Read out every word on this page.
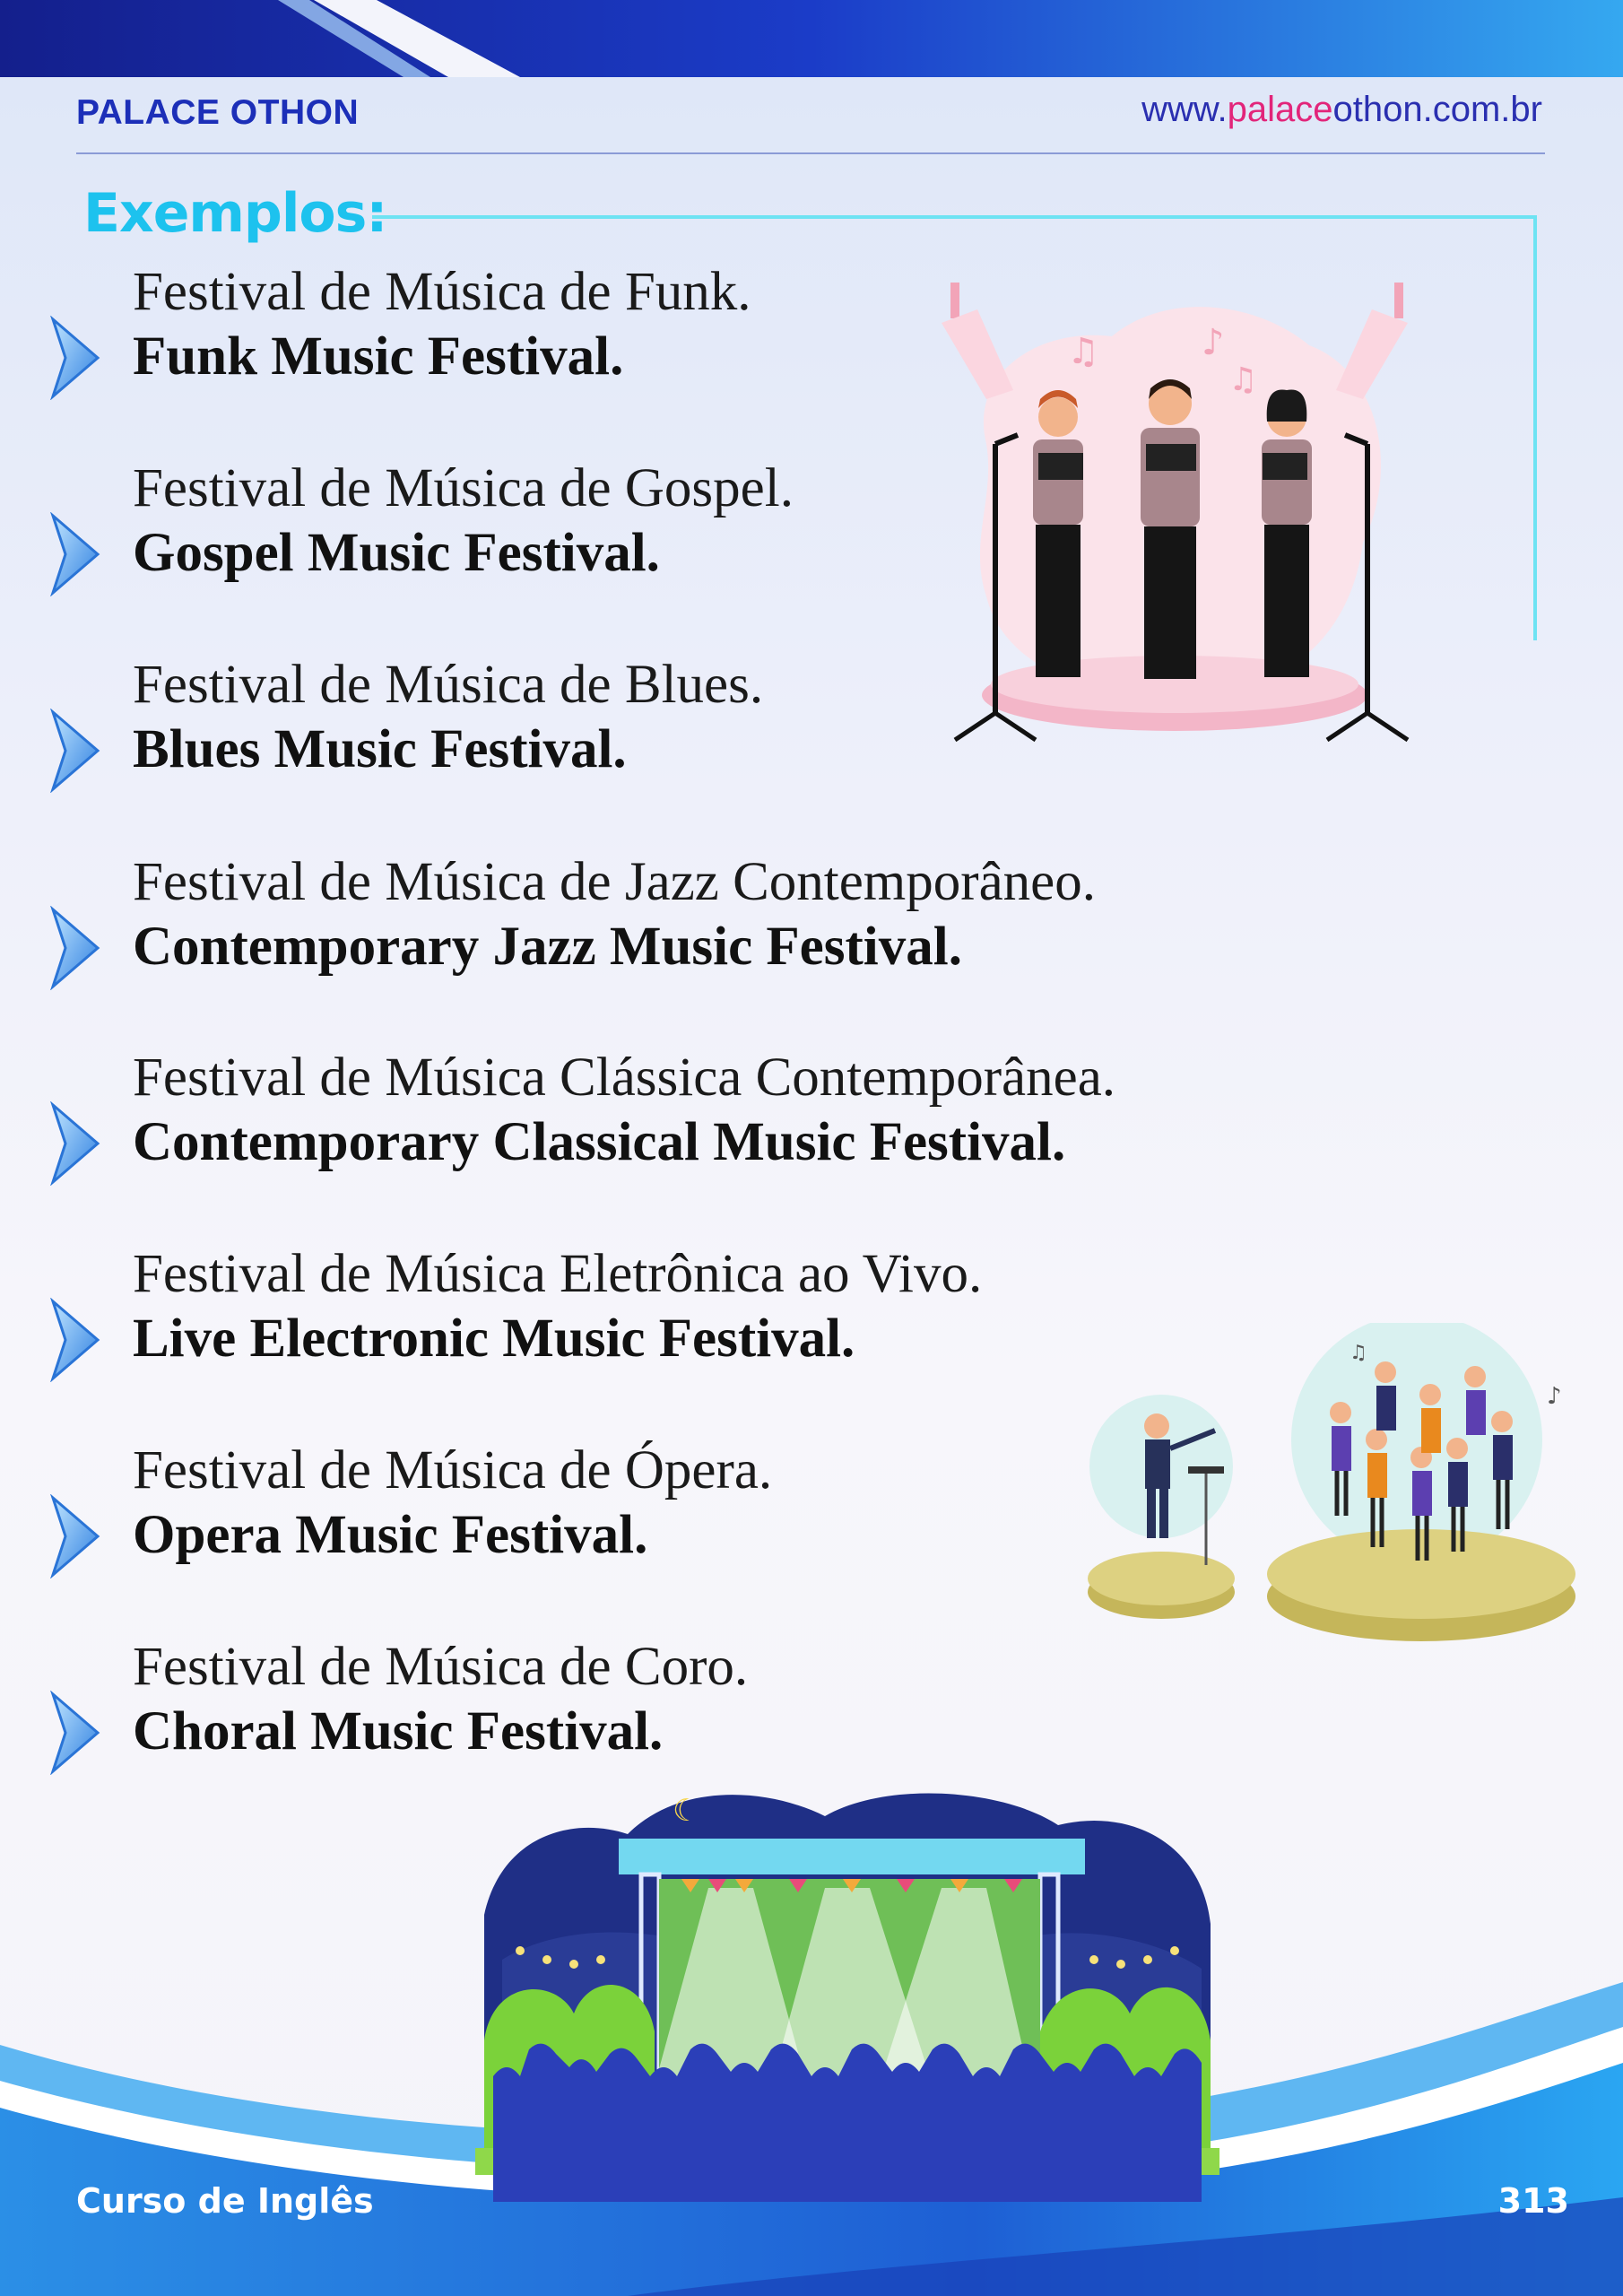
PALACE OTHON	www.palaceothon.com.br
Exemplos:
Festival de Música de Funk.
Funk Music Festival.
Festival de Música de Gospel.
Gospel Music Festival.
Festival de Música de Blues.
Blues Music Festival.
Festival de Música de Jazz Contemporâneo.
Contemporary Jazz Music Festival.
Festival de Música Clássica Contemporânea.
Contemporary Classical Music Festival.
Festival de Música Eletrônica ao Vivo.
Live Electronic Music Festival.
Festival de Música de Ópera.
Opera Music Festival.
Festival de Música de Coro.
Choral Music Festival.
♫	♪
♫
♪
♫
☾
Curso de Inglês	313
